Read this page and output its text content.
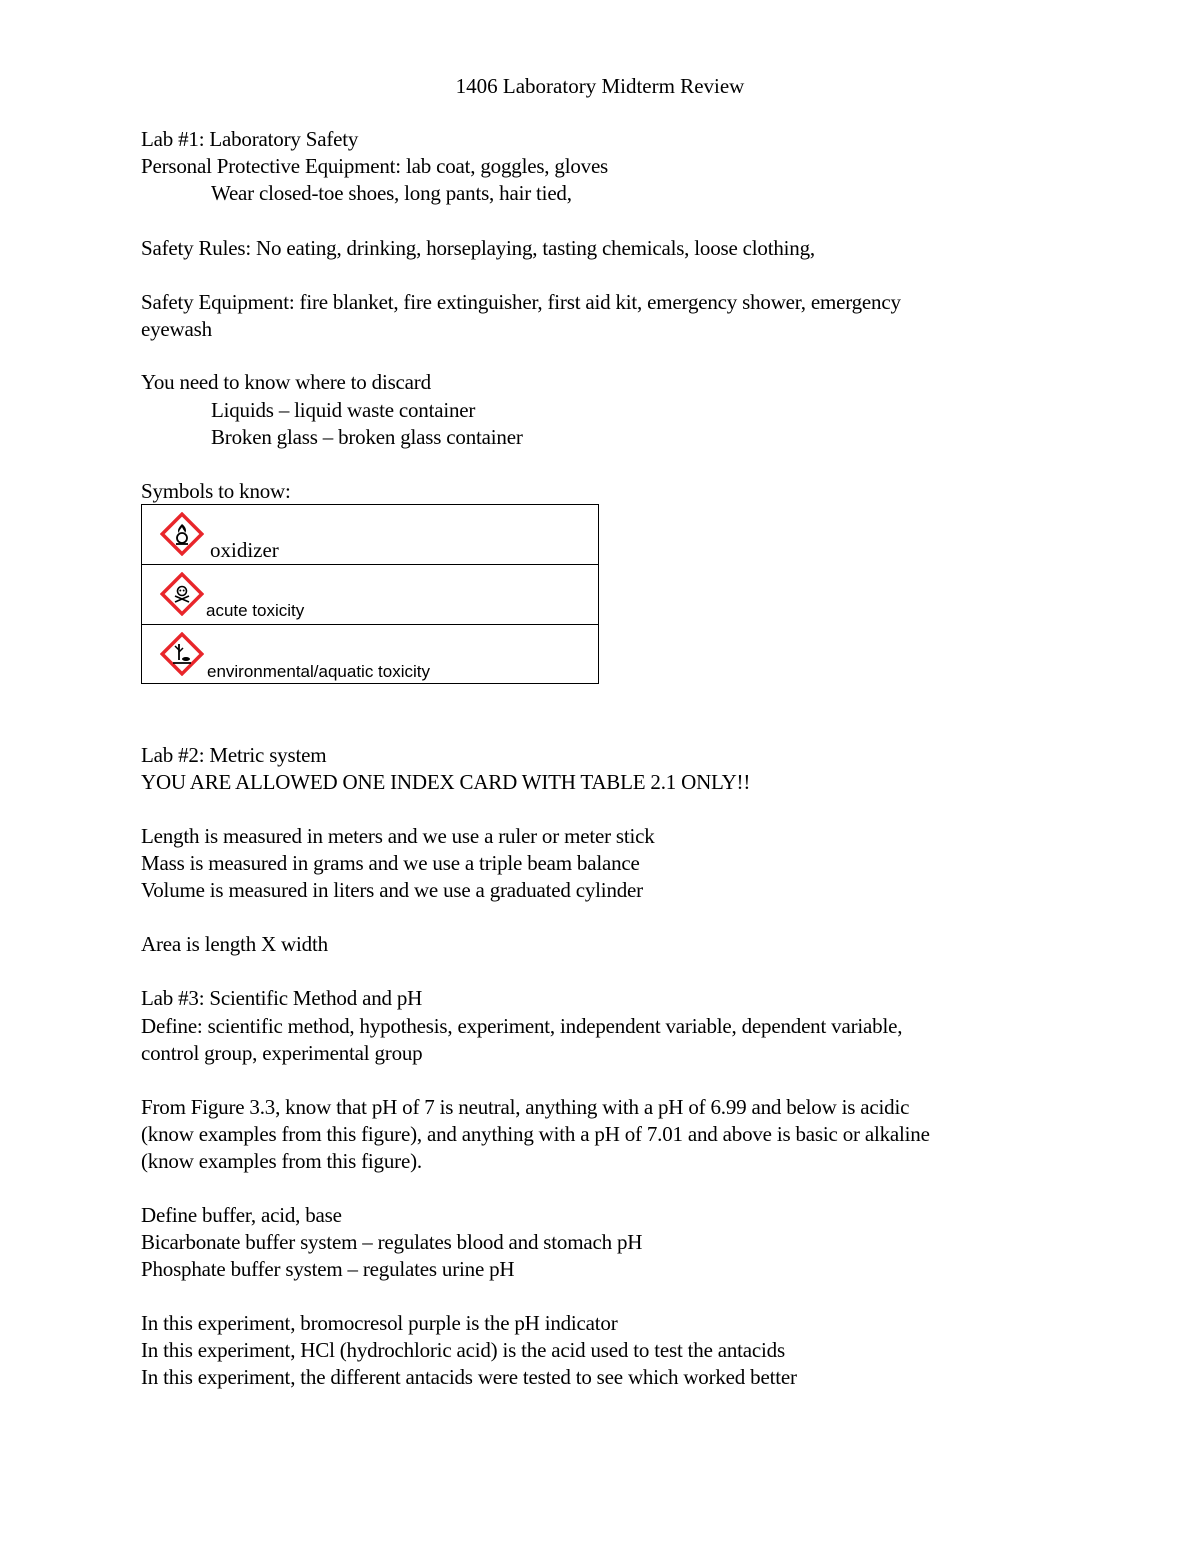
1406 Laboratory Midterm Review
Lab #1: Laboratory Safety
Personal Protective Equipment: lab coat, goggles, gloves
Wear closed-toe shoes, long pants, hair tied,
Safety Rules: No eating, drinking, horseplaying, tasting chemicals, loose clothing,
Safety Equipment: fire blanket, fire extinguisher, first aid kit, emergency shower, emergency
eyewash
You need to know where to discard
Liquids – liquid waste container
Broken glass – broken glass container
Symbols to know:
oxidizer
acute toxicity
environmental/aquatic toxicity
Lab #2: Metric system
YOU ARE ALLOWED ONE INDEX CARD WITH TABLE 2.1 ONLY!!
Length is measured in meters and we use a ruler or meter stick
Mass is measured in grams and we use a triple beam balance
Volume is measured in liters and we use a graduated cylinder
Area is length X width
Lab #3: Scientific Method and pH
Define: scientific method, hypothesis, experiment, independent variable, dependent variable,
control group, experimental group
From Figure 3.3, know that pH of 7 is neutral, anything with a pH of 6.99 and below is acidic
(know examples from this figure), and anything with a pH of 7.01 and above is basic or alkaline
(know examples from this figure).
Define buffer, acid, base
Bicarbonate buffer system – regulates blood and stomach pH
Phosphate buffer system – regulates urine pH
In this experiment, bromocresol purple is the pH indicator
In this experiment, HCl (hydrochloric acid) is the acid used to test the antacids
In this experiment, the different antacids were tested to see which worked better
